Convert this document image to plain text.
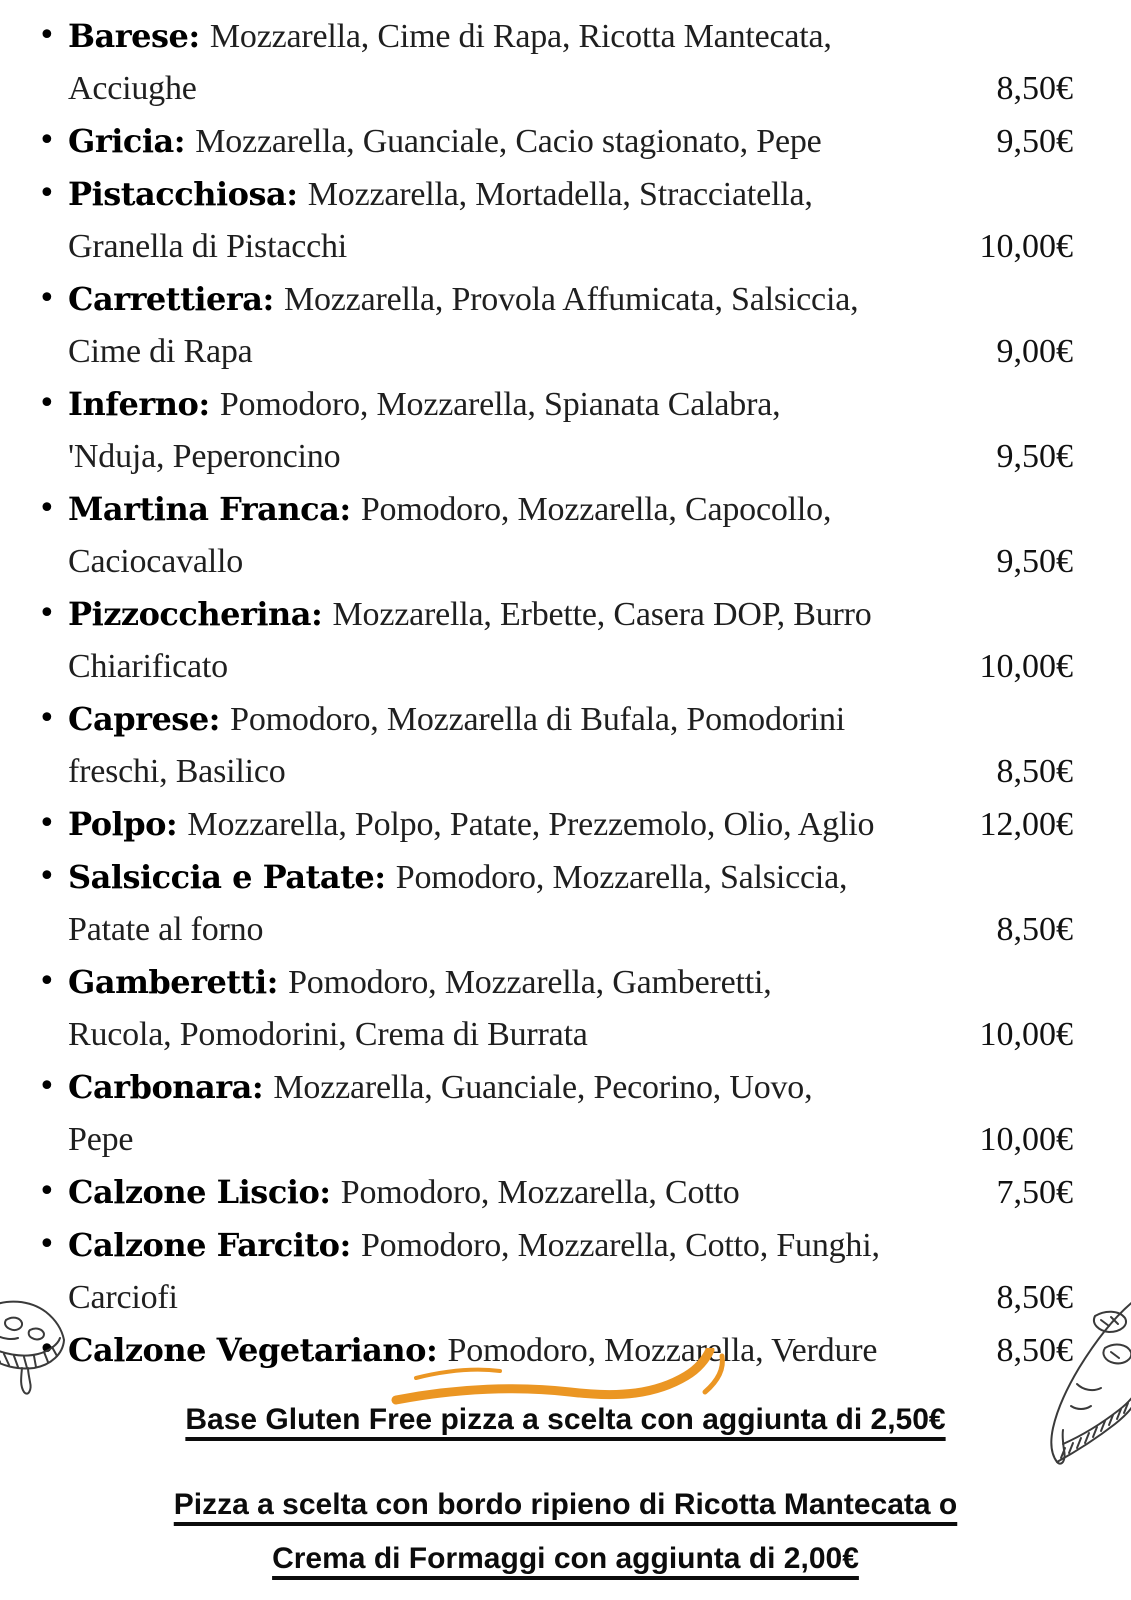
• Barese: Mozzarella, Cime di Rapa, Ricotta Mantecata,
Acciughe	8,50€
• Gricia: Mozzarella, Guanciale, Cacio stagionato, Pepe	9,50€
• Pistacchiosa: Mozzarella, Mortadella, Stracciatella,
Granella di Pistacchi	10,00€
• Carrettiera: Mozzarella, Provola Affumicata, Salsiccia,
Cime di Rapa	9,00€
• Inferno: Pomodoro, Mozzarella, Spianata Calabra,
'Nduja, Peperoncino	9,50€
• Martina Franca: Pomodoro, Mozzarella, Capocollo,
Caciocavallo	9,50€
• Pizzoccherina: Mozzarella, Erbette, Casera DOP, Burro
Chiarificato	10,00€
• Caprese: Pomodoro, Mozzarella di Bufala, Pomodorini
freschi, Basilico	8,50€
• Polpo: Mozzarella, Polpo, Patate, Prezzemolo, Olio, Aglio	12,00€
• Salsiccia e Patate: Pomodoro, Mozzarella, Salsiccia,
Patate al forno	8,50€
• Gamberetti: Pomodoro, Mozzarella, Gamberetti,
Rucola, Pomodorini, Crema di Burrata	10,00€
• Carbonara: Mozzarella, Guanciale, Pecorino, Uovo,
Pepe	10,00€
• Calzone Liscio: Pomodoro, Mozzarella, Cotto	7,50€
• Calzone Farcito: Pomodoro, Mozzarella, Cotto, Funghi,
Carciofi	8,50€
• Calzone Vegetariano: Pomodoro, Mozzarella, Verdure	8,50€

Base Gluten Free pizza a scelta con aggiunta di 2,50€

Pizza a scelta con bordo ripieno di Ricotta Mantecata o
Crema di Formaggi con aggiunta di 2,00€
